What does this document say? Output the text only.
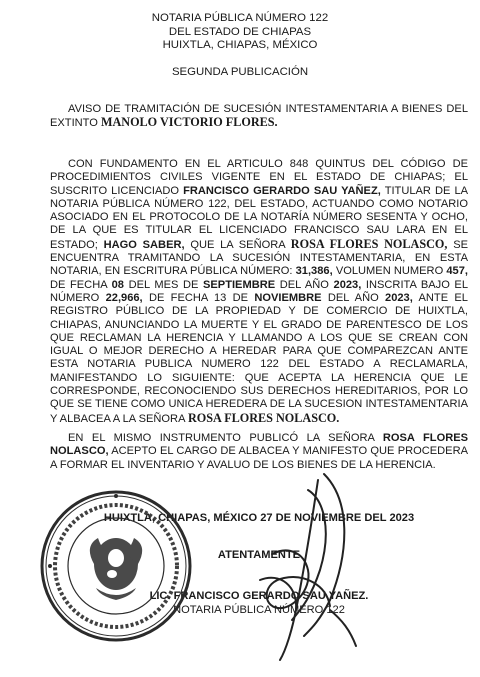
NOTARIA PÚBLICA NÚMERO 122
DEL ESTADO DE CHIAPAS
HUIXTLA, CHIAPAS, MÉXICO
SEGUNDA PUBLICACIÓN
AVISO DE TRAMITACIÓN DE SUCESIÓN INTESTAMENTARIA A BIENES DEL EXTINTO MANOLO VICTORIO FLORES.
CON FUNDAMENTO EN EL ARTICULO 848 QUINTUS DEL CÓDIGO DE PROCEDIMIENTOS CIVILES VIGENTE EN EL ESTADO DE CHIAPAS; EL SUSCRITO LICENCIADO FRANCISCO GERARDO SAU YAÑEZ, TITULAR DE LA NOTARIA PÚBLICA NÚMERO 122, DEL ESTADO, ACTUANDO COMO NOTARIO ASOCIADO EN EL PROTOCOLO DE LA NOTARÍA NÚMERO SESENTA Y OCHO, DE LA QUE ES TITULAR EL LICENCIADO FRANCISCO SAU LARA EN EL ESTADO; HAGO SABER, QUE LA SEÑORA ROSA FLORES NOLASCO, SE ENCUENTRA TRAMITANDO LA SUCESIÓN INTESTAMENTARIA, EN ESTA NOTARIA, EN ESCRITURA PÚBLICA NÚMERO: 31,386, VOLUMEN NUMERO 457, DE FECHA 08 DEL MES DE SEPTIEMBRE DEL AÑO 2023, INSCRITA BAJO EL NÚMERO 22,966, DE FECHA 13 DE NOVIEMBRE DEL AÑO 2023, ANTE EL REGISTRO PÚBLICO DE LA PROPIEDAD Y DE COMERCIO DE HUIXTLA, CHIAPAS, ANUNCIANDO LA MUERTE Y EL GRADO DE PARENTESCO DE LOS QUE RECLAMAN LA HERENCIA Y LLAMANDO A LOS QUE SE CREAN CON IGUAL O MEJOR DERECHO A HEREDAR PARA QUE COMPAREZCAN ANTE ESTA NOTARIA PUBLICA NUMERO 122 DEL ESTADO A RECLAMARLA, MANIFESTANDO LO SIGUIENTE: QUE ACEPTA LA HERENCIA QUE LE CORRESPONDE, RECONOCIENDO SUS DERECHOS HEREDITARIOS, POR LO QUE SE TIENE COMO UNICA HEREDERA DE LA SUCESION INTESTAMENTARIA Y ALBACEA A LA SEÑORA ROSA FLORES NOLASCO.
EN EL MISMO INSTRUMENTO PUBLICÓ LA SEÑORA ROSA FLORES NOLASCO, ACEPTO EL CARGO DE ALBACEA Y MANIFESTO QUE PROCEDERA A FORMAR EL INVENTARIO Y AVALUO DE LOS BIENES DE LA HERENCIA.
HUIXTLA, CHIAPAS, MÉXICO 27 DE NOVIEMBRE DEL 2023
ATENTAMENTE
LIC. FRANCISCO GERARDO SAU YAÑEZ.
NOTARIA PÚBLICA NÚMERO 122
